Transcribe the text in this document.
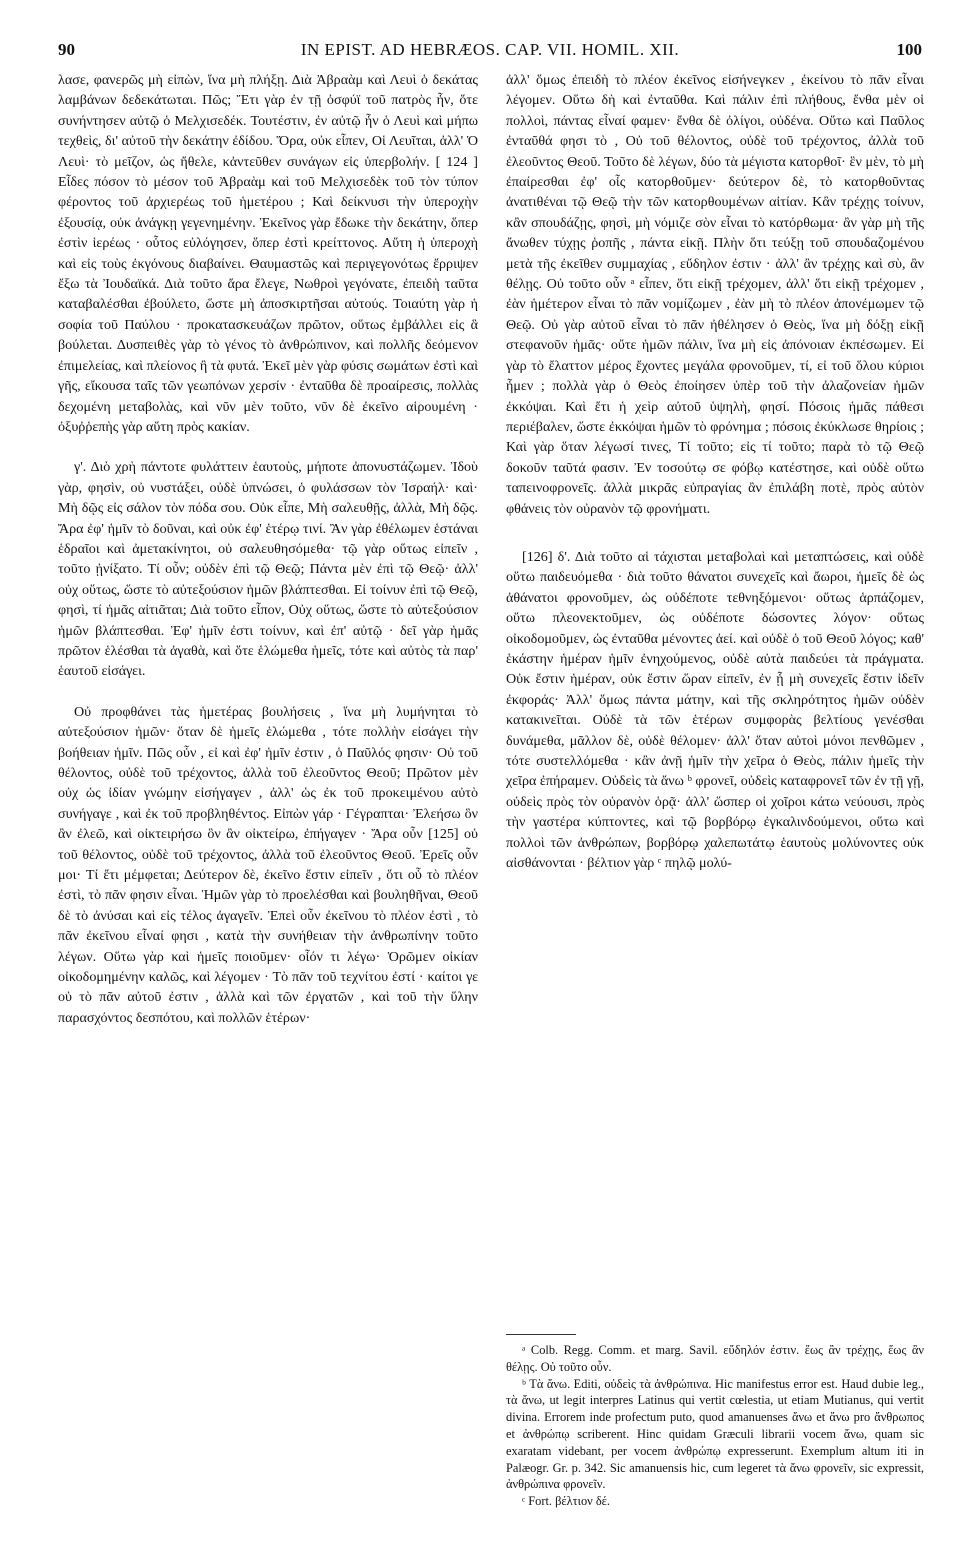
90	IN EPIST. AD HEBRÆOS. CAP. VII. HOMIL. XII.	100

λασε, φανερῶς μὴ εἰπὼν, ἵνα μὴ πλήξῃ. Διὰ Ἀβραὰμ καὶ Λευὶ ὁ δεκάτας λαμβάνων δεδεκάτωται. Πῶς; Ἔτι γὰρ ἐν τῇ ὀσφύϊ τοῦ πατρὸς ἦν, ὅτε συνήντησεν αὐτῷ ὁ Μελχισεδέκ. Τουτέστιν, ἐν αὐτῷ ἦν ὁ Λευὶ καὶ μήπω τεχθεὶς, δι' αὐτοῦ τὴν δεκάτην ἐδίδου. Ὅρα, οὐκ εἶπεν, Οἱ Λευῖται, ἀλλ' Ὁ Λευὶ· τὸ μεῖζον, ὡς ἤθελε, κἀντεῦθεν συνάγων εἰς ὑπερβολήν. [ 124 ] Εἶδες πόσον τὸ μέσον τοῦ Ἀβραὰμ καὶ τοῦ Μελχισεδὲκ τοῦ τὸν τύπον φέροντος τοῦ ἀρχιερέως τοῦ ἡμετέρου ; Καὶ δείκνυσι τὴν ὑπεροχὴν ἐξουσίᾳ, οὐκ ἀνάγκῃ γεγενημένην. Ἐκεῖνος γὰρ ἔδωκε τὴν δεκάτην, ὅπερ ἐστὶν ἱερέως · οὗτος εὐλόγησεν, ὅπερ ἐστὶ κρείττονος. Αὕτη ἡ ὑπεροχὴ καὶ εἰς τοὺς ἐκγόνους διαβαίνει. Θαυμαστῶς καὶ περιγεγονότως ἔρριψεν ἔξω τὰ Ἰουδαϊκά. Διὰ τοῦτο ἄρα ἔλεγε, Νωθροὶ γεγόνατε, ἐπειδὴ ταῦτα καταβαλέσθαι ἐβούλετο, ὥστε μὴ ἀποσκιρτῆσαι αὐτούς. Τοιαύτη γὰρ ἡ σοφία τοῦ Παύλου · προκατασκευάζων πρῶτον, οὕτως ἐμβάλλει εἰς ἃ βούλεται. Δυσπειθὲς γὰρ τὸ γένος τὸ ἀνθρώπινον, καὶ πολλῆς δεόμενον ἐπιμελείας, καὶ πλείονος ἢ τὰ φυτά. Ἐκεῖ μὲν γὰρ φύσις σωμάτων ἐστὶ καὶ γῆς, εἴκουσα ταῖς τῶν γεωπόνων χερσίν · ἐνταῦθα δὲ προαίρεσις, πολλὰς δεχομένη μεταβολὰς, καὶ νῦν μὲν τοῦτο, νῦν δὲ ἐκεῖνο αἱρουμένη · ὀξυῤῥεπὴς γὰρ αὕτη πρὸς κακίαν.

γ'. Διὸ χρὴ πάντοτε φυλάττειν ἑαυτοὺς, μήποτε ἀπονυστάζωμεν. Ἰδοὺ γὰρ, φησὶν, οὐ νυστάξει, οὐδὲ ὑπνώσει, ὁ φυλάσσων τὸν Ἰσραήλ· καὶ· Μὴ δῷς εἰς σάλον τὸν πόδα σου. Οὐκ εἶπε, Μὴ σαλευθῇς, ἀλλὰ, Μὴ δῷς. Ἄρα ἐφ' ἡμῖν τὸ δοῦναι, καὶ οὐκ ἐφ' ἑτέρῳ τινί. Ἂν γὰρ ἐθέλωμεν ἑστάναι ἑδραῖοι καὶ ἀμετακίνητοι, οὐ σαλευθησόμεθα· τῷ γὰρ οὕτως εἰπεῖν , τοῦτο ᾐνίξατο. Τί οὖν; οὐδὲν ἐπὶ τῷ Θεῷ; Πάντα μὲν ἐπὶ τῷ Θεῷ· ἀλλ' οὐχ οὕτως, ὥστε τὸ αὐτεξούσιον ἡμῶν βλάπτεσθαι. Εἰ τοίνυν ἐπὶ τῷ Θεῷ, φησὶ, τί ἡμᾶς αἰτιᾶται; Διὰ τοῦτο εἶπον, Οὐχ οὕτως, ὥστε τὸ αὐτεξούσιον ἡμῶν βλάπτεσθαι. Ἐφ' ἡμῖν ἐστι τοίνυν, καὶ ἐπ' αὐτῷ · δεῖ γὰρ ἡμᾶς πρῶτον ἑλέσθαι τὰ ἀγαθὰ, καὶ ὅτε ἑλώμεθα ἡμεῖς, τότε καὶ αὐτὸς τὰ παρ' ἑαυτοῦ εἰσάγει.

Οὐ προφθάνει τὰς ἡμετέρας βουλήσεις , ἵνα μὴ λυμήνηται τὸ αὐτεξούσιον ἡμῶν· ὅταν δὲ ἡμεῖς ἑλώμεθα , τότε πολλὴν εἰσάγει τὴν βοήθειαν ἡμῖν. Πῶς οὖν , εἰ καὶ ἐφ' ἡμῖν ἐστιν , ὁ Παῦλός φησιν· Οὐ τοῦ θέλοντος, οὐδὲ τοῦ τρέχοντος, ἀλλὰ τοῦ ἐλεοῦντος Θεοῦ; Πρῶτον μὲν οὐχ ὡς ἰδίαν γνώμην εἰσήγαγεν , ἀλλ' ὡς ἐκ τοῦ προκειμένου αὐτὸ συνήγαγε , καὶ ἐκ τοῦ προβληθέντος. Εἰπὼν γάρ · Γέγραπται· Ἐλεήσω ὃν ἂν ἐλεῶ, καὶ οἰκτειρήσω ὃν ἂν οἰκτείρω, ἐπήγαγεν · Ἄρα οὖν [125] οὐ τοῦ θέλοντος, οὐδὲ τοῦ τρέχοντος, ἀλλὰ τοῦ ἐλεοῦντος Θεοῦ. Ἐρεῖς οὖν μοι· Τί ἔτι μέμφεται; Δεύτερον δὲ, ἐκεῖνο ἔστιν εἰπεῖν , ὅτι οὗ τὸ πλέον ἐστὶ, τὸ πᾶν φησιν εἶναι. Ἡμῶν γὰρ τὸ προελέσθαι καὶ βουληθῆναι, Θεοῦ δὲ τὸ ἀνύσαι καὶ εἰς τέλος ἀγαγεῖν. Ἐπεὶ οὖν ἐκεῖνου τὸ πλέον ἐστὶ , τὸ πᾶν ἐκεῖνου εἶναί φησι , κατὰ τὴν συνήθειαν τὴν ἀνθρωπίνην τοῦτο λέγων. Οὕτω γὰρ καὶ ἡμεῖς ποιοῦμεν· οἷόν τι λέγω· Ὁρῶμεν οἰκίαν οἰκοδομημένην καλῶς, καὶ λέγομεν · Τὸ πᾶν τοῦ τεχνίτου ἐστί · καίτοι γε οὐ τὸ πᾶν αὐτοῦ ἐστιν , ἀλλὰ καὶ τῶν ἐργατῶν , καὶ τοῦ τὴν ὕλην παρασχόντος δεσπότου, καὶ πολλῶν ἑτέρων·

ἀλλ' ὅμως ἐπειδὴ τὸ πλέον ἐκεῖνος εἰσήνεγκεν , ἐκείνου τὸ πᾶν εἶναι λέγομεν. Οὕτω δὴ καὶ ἐνταῦθα. Καὶ πάλιν ἐπὶ πλήθους, ἔνθα μὲν οἱ πολλοὶ, πάντας εἶναί φαμεν· ἔνθα δὲ ὀλίγοι, οὐδένα. Οὕτω καὶ Παῦλος ἐνταῦθά φησι τὸ , Οὐ τοῦ θέλοντος, οὐδὲ τοῦ τρέχοντος, ἀλλὰ τοῦ ἐλεοῦντος Θεοῦ. Τοῦτο δὲ λέγων, δύο τὰ μέγιστα κατορθοῖ· ἓν μὲν, τὸ μὴ ἐπαίρεσθαι ἐφ' οἷς κατορθοῦμεν· δεύτερον δὲ, τὸ κατορθοῦντας ἀνατιθέναι τῷ Θεῷ τὴν τῶν κατορθουμένων αἰτίαν. Κἂν τρέχῃς τοίνυν, κἂν σπουδάζῃς, φησὶ, μὴ νόμιζε σὸν εἶναι τὸ κατόρθωμα· ἂν γὰρ μὴ τῆς ἄνωθεν τύχῃς ῥοπῆς , πάντα εἰκῇ. Πλὴν ὅτι τεύξῃ τοῦ σπουδαζομένου μετὰ τῆς ἐκεῖθεν συμμαχίας , εὔδηλον ἐστιν · ἀλλ' ἂν τρέχῃς καὶ σὺ, ἂν θέλῃς. Οὐ τοῦτο οὖν ᵃ εἶπεν, ὅτι εἰκῇ τρέχομεν, ἀλλ' ὅτι εἰκῇ τρέχομεν , ἐὰν ἡμέτερον εἶναι τὸ πᾶν νομίζωμεν , ἐὰν μὴ τὸ πλέον ἀπονέμωμεν τῷ Θεῷ. Οὐ γὰρ αὐτοῦ εἶναι τὸ πᾶν ἠθέλησεν ὁ Θεὸς, ἵνα μὴ δόξῃ εἰκῇ στεφανοῦν ἡμᾶς· οὔτε ἡμῶν πάλιν, ἵνα μὴ εἰς ἀπόνοιαν ἐκπέσωμεν. Εἰ γὰρ τὸ ἔλαττον μέρος ἔχοντες μεγάλα φρονοῦμεν, τί, εἰ τοῦ ὅλου κύριοι ἦμεν ; πολλὰ γὰρ ὁ Θεὸς ἐποίησεν ὑπὲρ τοῦ τὴν ἀλαζονείαν ἡμῶν ἐκκόψαι. Καὶ ἔτι ἡ χεὶρ αὐτοῦ ὑψηλὴ, φησί. Πόσοις ἡμᾶς πάθεσι περιέβαλεν, ὥστε ἐκκόψαι ἡμῶν τὸ φρόνημα ; πόσοις ἐκύκλωσε θηρίοις ; Καὶ γὰρ ὅταν λέγωσί τινες, Τί τοῦτο; εἰς τί τοῦτο; παρὰ τὸ τῷ Θεῷ δοκοῦν ταῦτά φασιν. Ἐν τοσούτῳ σε φόβῳ κατέστησε, καὶ οὐδὲ οὕτω ταπεινοφρονεῖς. ἀλλὰ μικρᾶς εὐπραγίας ἂν ἐπιλάβη ποτὲ, πρὸς αὐτὸν φθάνεις τὸν οὐρανὸν τῷ φρονήματι.

[126] δ'. Διὰ τοῦτο αἱ τάχισται μεταβολαὶ καὶ μεταπτώσεις, καὶ οὐδὲ οὕτω παιδευόμεθα · διὰ τοῦτο θάνατοι συνεχεῖς καὶ ἄωροι, ἡμεῖς δὲ ὡς ἀθάνατοι φρονοῦμεν, ὡς οὐδέποτε τεθνηξόμενοι· οὕτως ἁρπάζομεν, οὕτω πλεονεκτοῦμεν, ὡς οὐδέποτε δώσοντες λόγον· οὕτως οἰκοδομοῦμεν, ὡς ἐνταῦθα μένοντες ἀεί. καὶ οὐδὲ ὁ τοῦ Θεοῦ λόγος; καθ' ἑκάστην ἡμέραν ἡμῖν ἐνηχούμενος, οὐδὲ αὐτὰ παιδεύει τὰ πράγματα. Οὐκ ἔστιν ἡμέραν, οὐκ ἔστιν ὥραν εἰπεῖν, ἐν ᾗ μὴ συνεχεῖς ἔστιν ἰδεῖν ἐκφοράς· Ἀλλ' ὅμως πάντα μάτην, καὶ τῆς σκληρότητος ἡμῶν οὐδὲν κατακινεῖται. Οὐδὲ τὰ τῶν ἑτέρων συμφορὰς βελτίους γενέσθαι δυνάμεθα, μᾶλλον δὲ, οὐδὲ θέλομεν· ἀλλ' ὅταν αὐτοὶ μόνοι πενθῶμεν , τότε συστελλόμεθα · κἂν ἀνῇ ἡμῖν τὴν χεῖρα ὁ Θεὸς, πάλιν ἡμεῖς τὴν χεῖρα ἐπήραμεν. Οὐδεὶς τὰ ἄνω ᵇ φρονεῖ, οὐδεὶς καταφρονεῖ τῶν ἐν τῇ γῇ, οὐδεὶς πρὸς τὸν οὐρανὸν ὁρᾷ· ἀλλ' ὥσπερ οἱ χοῖροι κάτω νεύουσι, πρὸς τὴν γαστέρα κύπτοντες, καὶ τῷ βορβόρῳ ἐγκαλινδούμενοι, οὕτω καὶ πολλοὶ τῶν ἀνθρώπων, βορβόρῳ χαλεπωτάτῳ ἑαυτοὺς μολύνοντες οὐκ αἰσθάνονται · βέλτιον γὰρ ᶜ πηλῷ μολύ-

ᵃ Colb. Regg. Comm. et marg. Savil. εὔδηλόν ἐστιν. ἕως ἂν τρέχῃς, ἕως ἂν θέλῃς. Οὐ τοῦτο οὖν.

ᵇ Τὰ ἄνω. Editi, οὐδεὶς τὰ ἀνθρώπινα. Hic manifestus error est. Haud dubie leg., τὰ ἄνω, ut legit interpres Latinus qui vertit cœlestia, ut etiam Mutianus, qui vertit divina. Errorem inde profectum puto, quod amanuenses ἄνω et ἄνω pro ἄνθρωπος et ἀνθρώπῳ scriberent. Hinc quidam Græculi librarii vocem ἄνω, quam sic exaratam videbant, per vocem ἀνθρώπῳ expresserunt. Exemplum altum iti in Palæogr. Gr. p. 342. Sic amanuensis hic, cum legeret τὰ ἄνω φρονεῖν, sic expressit, ἀνθρώπινα φρονεῖν.

ᶜ Fort. βέλτιον δέ.
